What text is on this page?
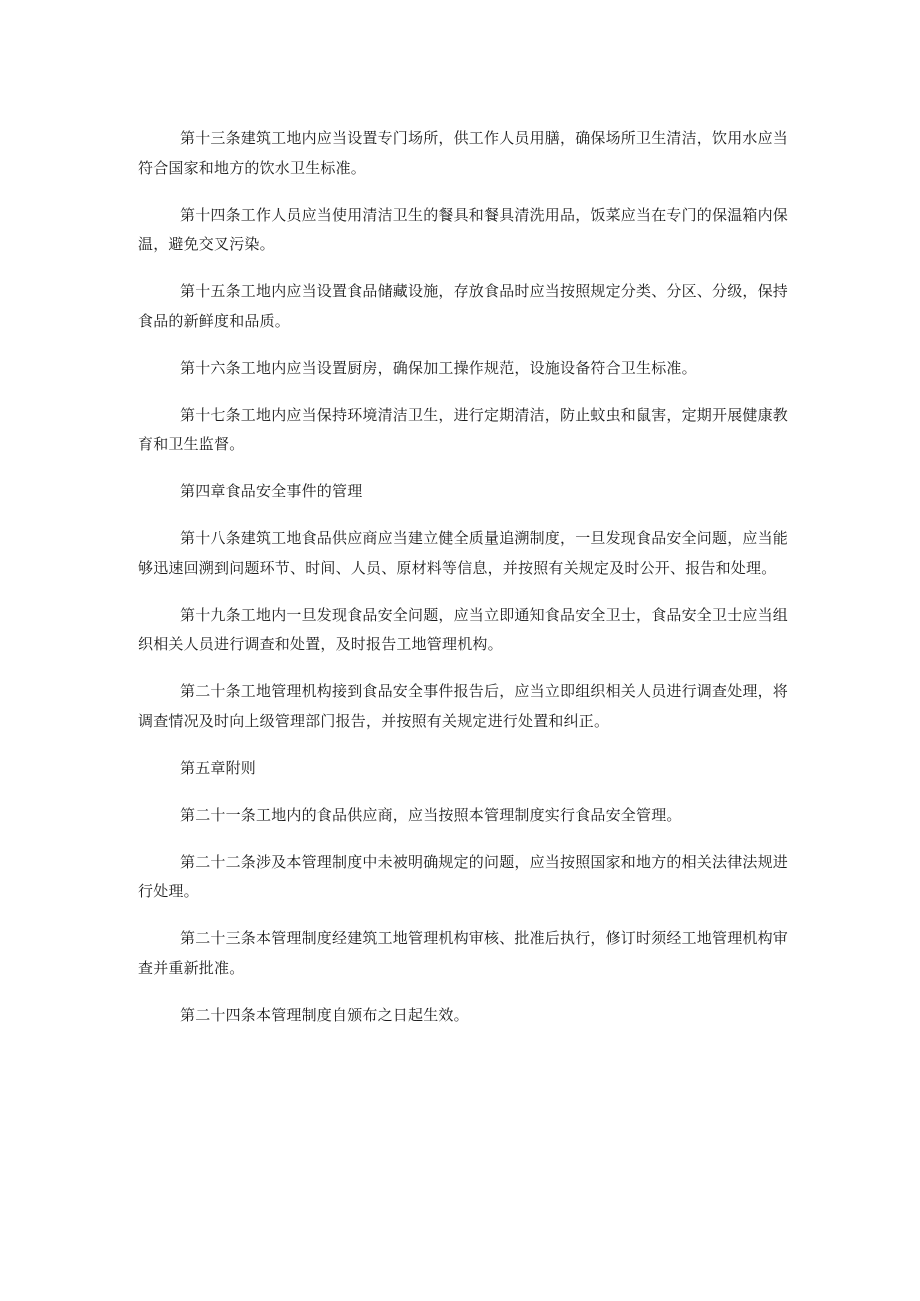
第十三条建筑工地内应当设置专门场所，供工作人员用膳，确保场所卫生清洁，饮用水应当符合国家和地方的饮水卫生标准。

第十四条工作人员应当使用清洁卫生的餐具和餐具清洗用品，饭菜应当在专门的保温箱内保温，避免交叉污染。

第十五条工地内应当设置食品储藏设施，存放食品时应当按照规定分类、分区、分级，保持食品的新鲜度和品质。

第十六条工地内应当设置厨房，确保加工操作规范，设施设备符合卫生标准。

第十七条工地内应当保持环境清洁卫生，进行定期清洁，防止蚊虫和鼠害，定期开展健康教育和卫生监督。

第四章食品安全事件的管理

第十八条建筑工地食品供应商应当建立健全质量追溯制度，一旦发现食品安全问题，应当能够迅速回溯到问题环节、时间、人员、原材料等信息，并按照有关规定及时公开、报告和处理。

第十九条工地内一旦发现食品安全问题，应当立即通知食品安全卫士，食品安全卫士应当组织相关人员进行调查和处置，及时报告工地管理机构。

第二十条工地管理机构接到食品安全事件报告后，应当立即组织相关人员进行调查处理，将调查情况及时向上级管理部门报告，并按照有关规定进行处置和纠正。

第五章附则

第二十一条工地内的食品供应商，应当按照本管理制度实行食品安全管理。

第二十二条涉及本管理制度中未被明确规定的问题，应当按照国家和地方的相关法律法规进行处理。

第二十三条本管理制度经建筑工地管理机构审核、批准后执行，修订时须经工地管理机构审查并重新批准。

第二十四条本管理制度自颁布之日起生效。
